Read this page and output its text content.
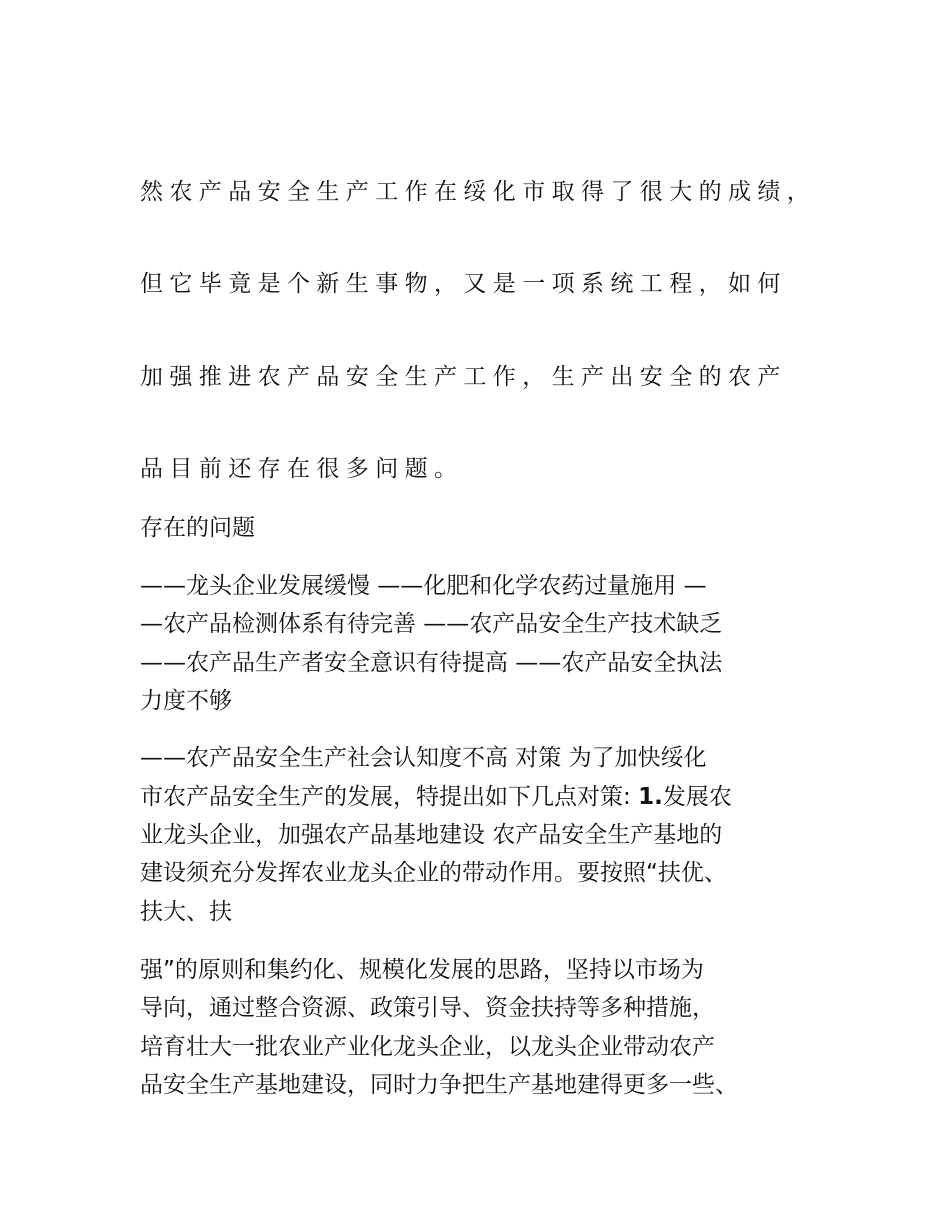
然农产品安全生产工作在绥化市取得了很大的成绩，
但它毕竟是个新生事物，又是一项系统工程，如何
加强推进农产品安全生产工作，生产出安全的农产
品目前还存在很多问题。
存在的问题
——龙头企业发展缓慢 ——化肥和化学农药过量施用 —
—农产品检测体系有待完善 ——农产品安全生产技术缺乏
——农产品生产者安全意识有待提高 ——农产品安全执法
力度不够
——农产品安全生产社会认知度不高 对策 为了加快绥化
市农产品安全生产的发展，特提出如下几点对策: 1.发展农
业龙头企业，加强农产品基地建设 农产品安全生产基地的
建设须充分发挥农业龙头企业的带动作用。要按照“扶优、
扶大、扶
强”的原则和集约化、规模化发展的思路，坚持以市场为
导向，通过整合资源、政策引导、资金扶持等多种措施，
培育壮大一批农业产业化龙头企业，以龙头企业带动农产
品安全生产基地建设，同时力争把生产基地建得更多一些、
